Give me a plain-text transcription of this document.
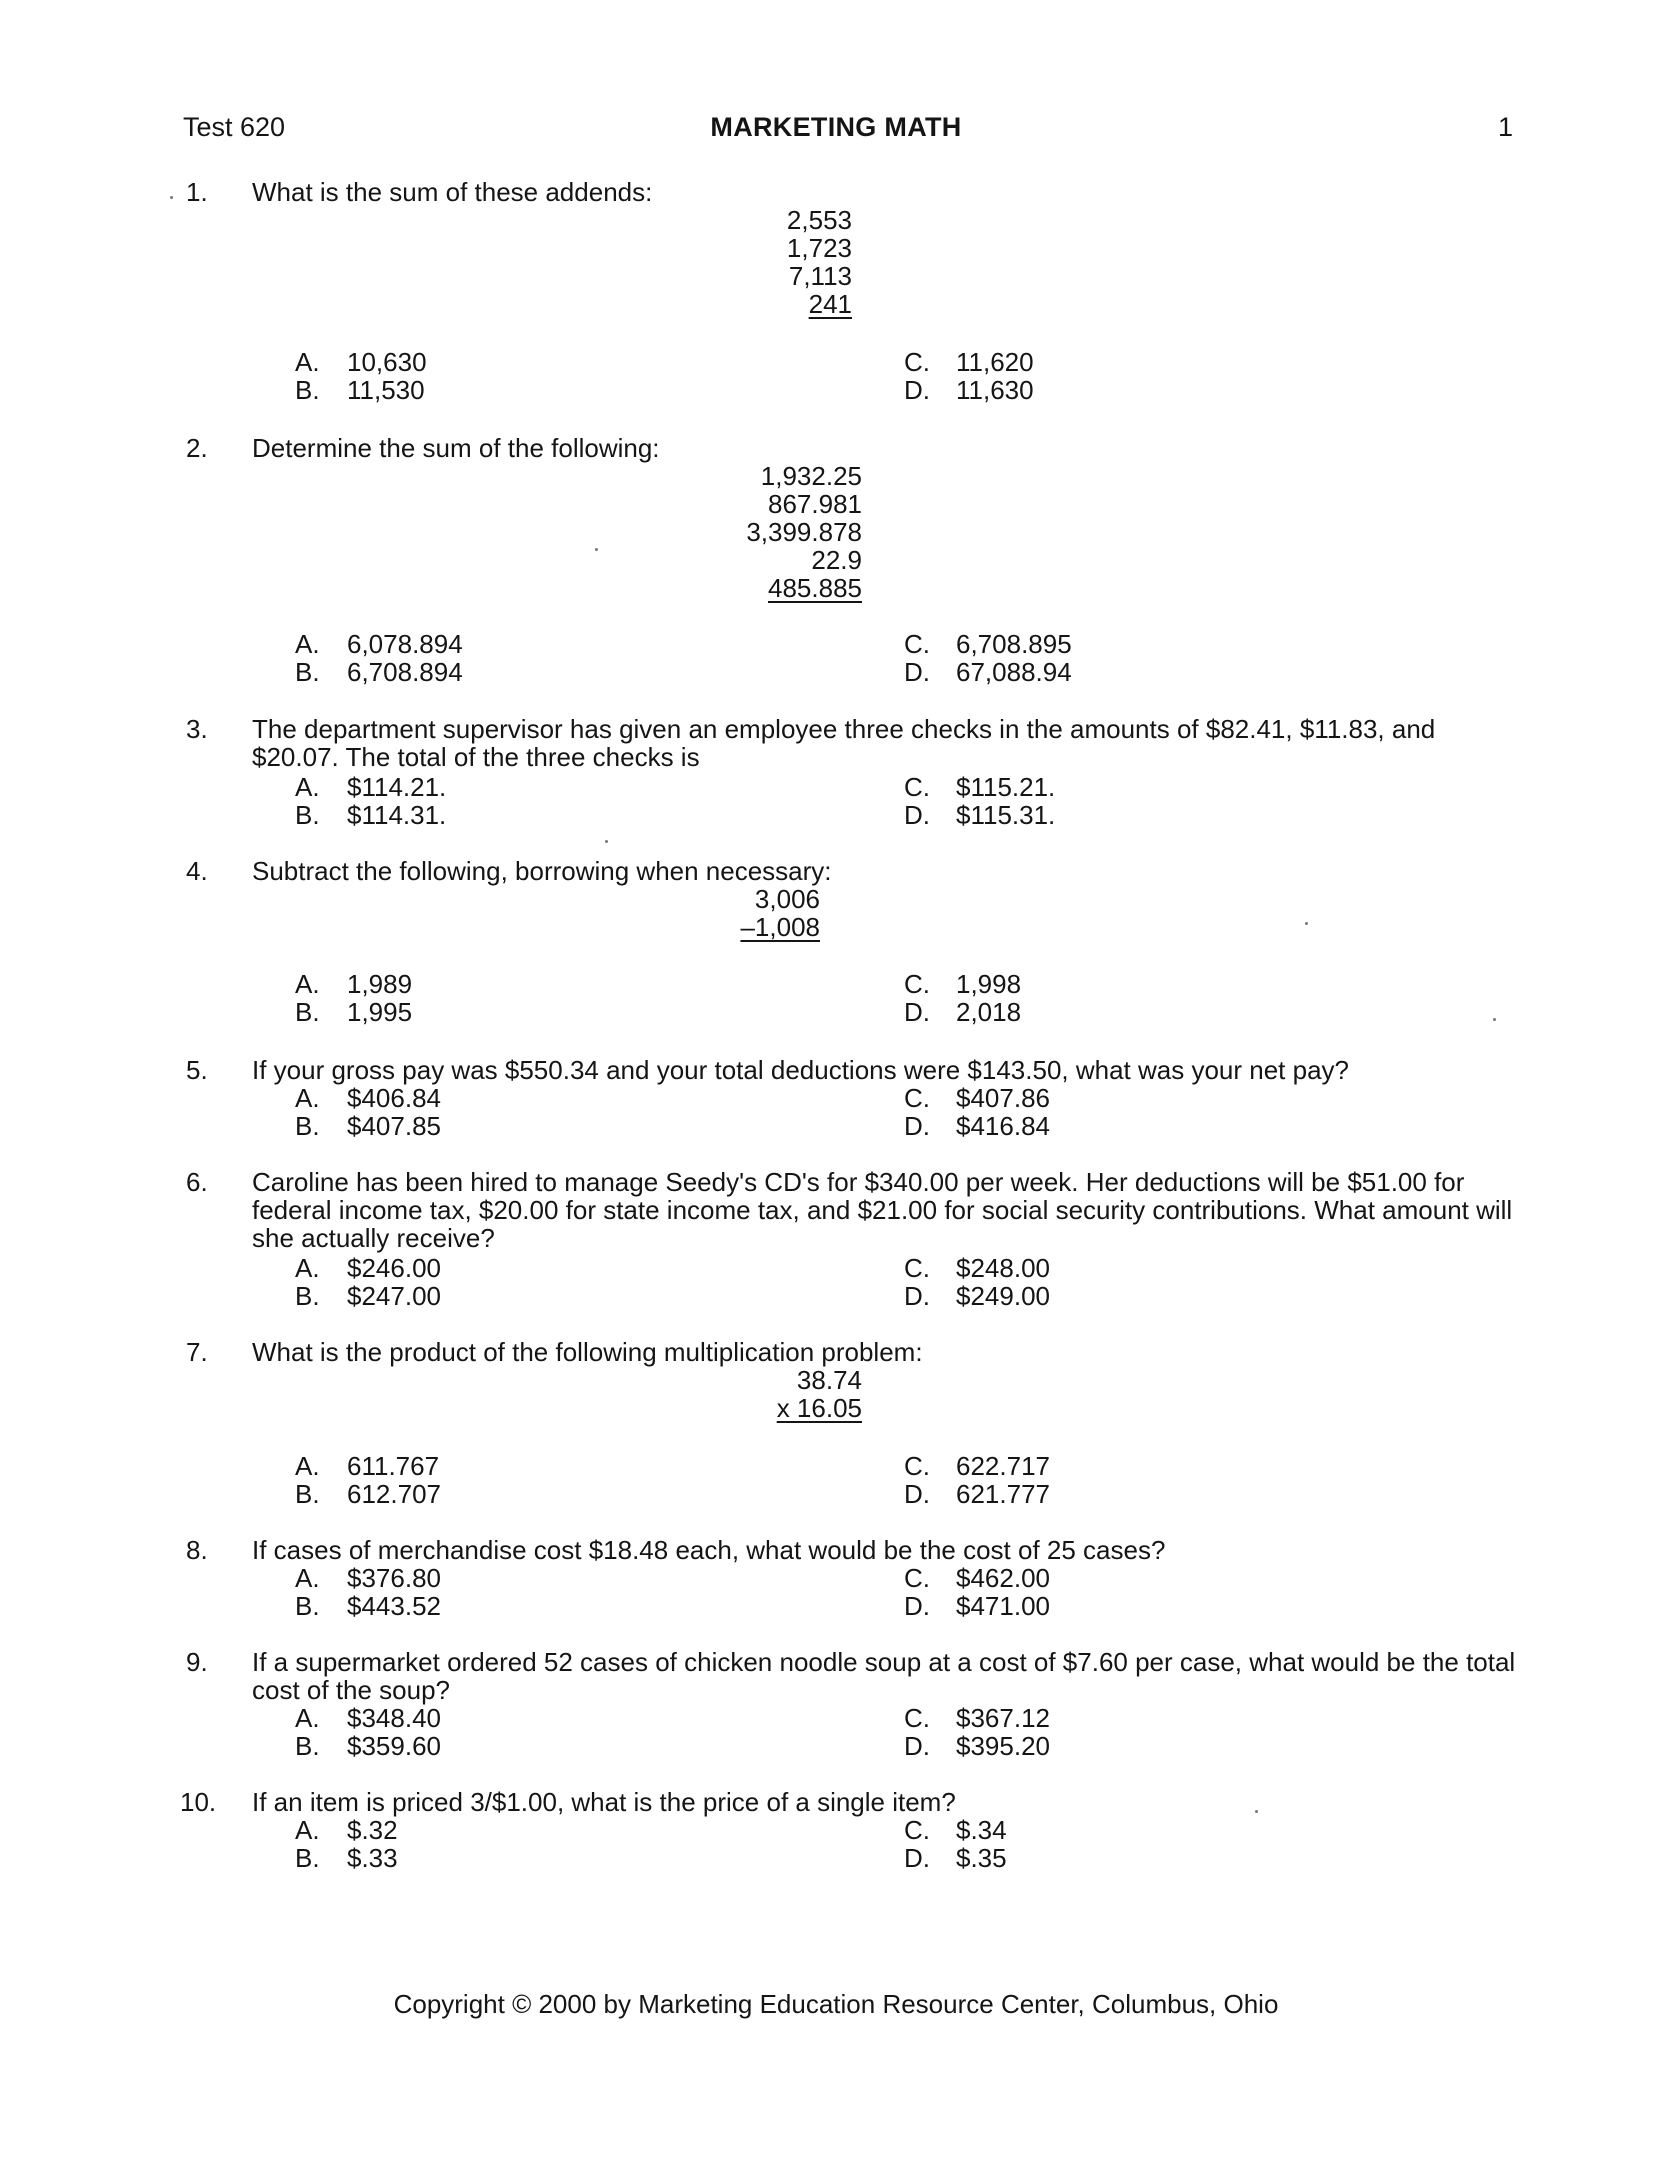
Test 620	MARKETING MATH	1
1. What is the sum of these addends:
2,553
1,723
7,113
241
A. 10,630
B. 11,530
C. 11,620
D. 11,630
2. Determine the sum of the following:
1,932.25
867.981
3,399.878
22.9
485.885
A. 6,078.894
B. 6,708.894
C. 6,708.895
D. 67,088.94
3. The department supervisor has given an employee three checks in the amounts of $82.41, $11.83, and $20.07. The total of the three checks is
A. $114.21.
B. $114.31.
C. $115.21.
D. $115.31.
4. Subtract the following, borrowing when necessary:
3,006
–1,008
A. 1,989
B. 1,995
C. 1,998
D. 2,018
5. If your gross pay was $550.34 and your total deductions were $143.50, what was your net pay?
A. $406.84
B. $407.85
C. $407.86
D. $416.84
6. Caroline has been hired to manage Seedy's CD's for $340.00 per week. Her deductions will be $51.00 for federal income tax, $20.00 for state income tax, and $21.00 for social security contributions. What amount will she actually receive?
A. $246.00
B. $247.00
C. $248.00
D. $249.00
7. What is the product of the following multiplication problem:
38.74
x 16.05
A. 611.767
B. 612.707
C. 622.717
D. 621.777
8. If cases of merchandise cost $18.48 each, what would be the cost of 25 cases?
A. $376.80
B. $443.52
C. $462.00
D. $471.00
9. If a supermarket ordered 52 cases of chicken noodle soup at a cost of $7.60 per case, what would be the total cost of the soup?
A. $348.40
B. $359.60
C. $367.12
D. $395.20
10. If an item is priced 3/$1.00, what is the price of a single item?
A. $.32
B. $.33
C. $.34
D. $.35
Copyright © 2000 by Marketing Education Resource Center, Columbus, Ohio
